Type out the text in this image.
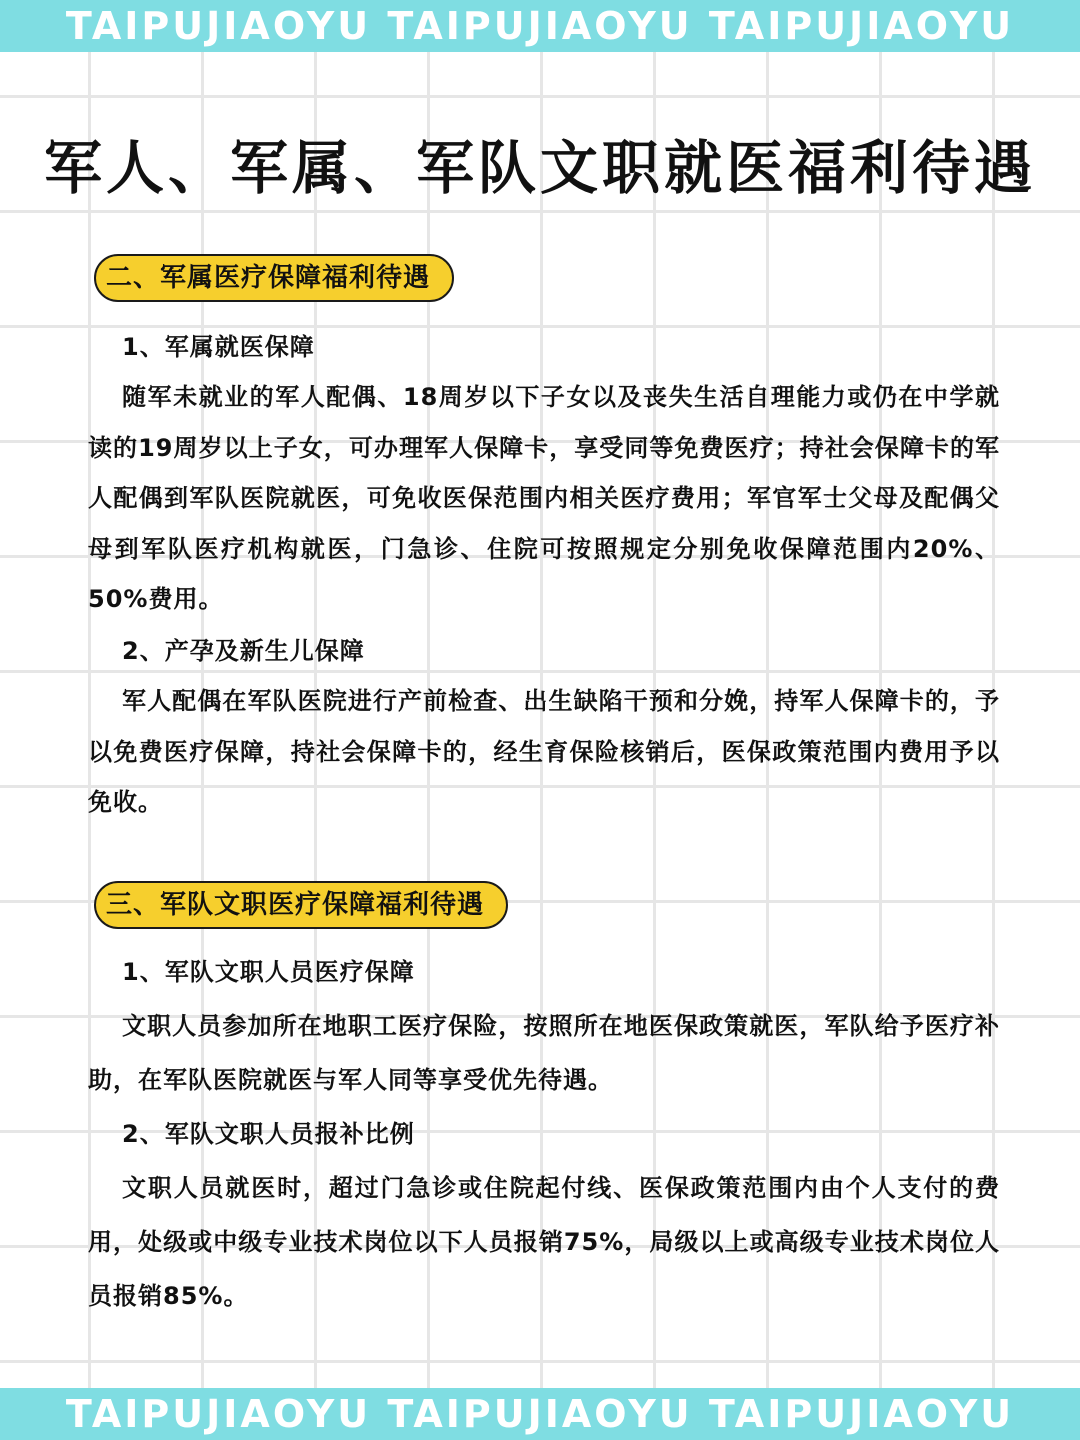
TAIPUJIAOYU TAIPUJIAOYU TAIPUJIAOYU
军人、军属、军队文职就医福利待遇
二、军属医疗保障福利待遇
1、军属就医保障

随军未就业的军人配偶、18周岁以下子女以及丧失生活自理能力或仍在中学就读的19周岁以上子女，可办理军人保障卡，享受同等免费医疗；持社会保障卡的军人配偶到军队医院就医，可免收医保范围内相关医疗费用；军官军士父母及配偶父母到军队医疗机构就医，门急诊、住院可按照规定分别免收保障范围内20%、50%费用。

2、产孕及新生儿保障

军人配偶在军队医院进行产前检查、出生缺陷干预和分娩，持军人保障卡的，予以免费医疗保障，持社会保障卡的，经生育保险核销后，医保政策范围内费用予以免收。

三、军队文职医疗保障福利待遇
1、军队文职人员医疗保障

文职人员参加所在地职工医疗保险，按照所在地医保政策就医，军队给予医疗补助，在军队医院就医与军人同等享受优先待遇。

2、军队文职人员报补比例

文职人员就医时，超过门急诊或住院起付线、医保政策范围内由个人支付的费用，处级或中级专业技术岗位以下人员报销75%，局级以上或高级专业技术岗位人员报销85%。

TAIPUJIAOYU TAIPUJIAOYU TAIPUJIAOYU
